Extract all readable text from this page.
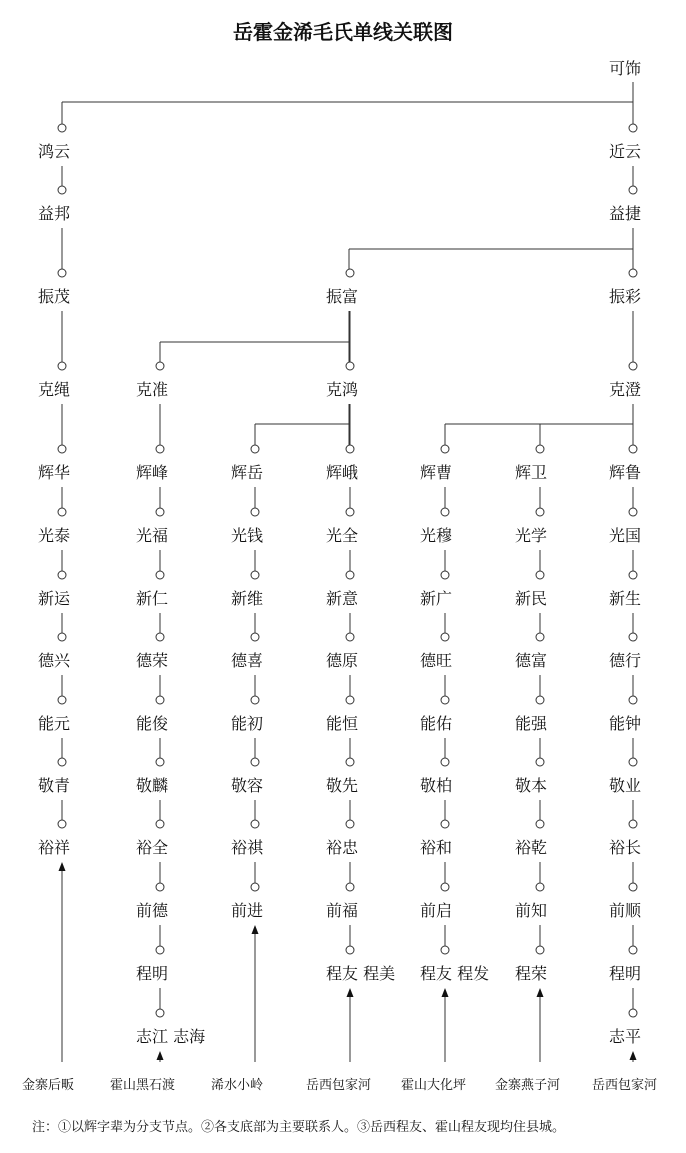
岳霍金浠毛氏单线关联图
可饰
鸿云
益邦
振茂
克绳
辉华
光泰
新运
德兴
能元
敬青
裕祥
金寨后畈
克准
辉峰
光福
新仁
德荣
能俊
敬麟
裕全
前德
程明
志江 志海
霍山黑石渡
辉岳
光钱
新维
德喜
能初
敬容
裕祺
前进
浠水小岭
振富
克鸿
辉峨
光全
新意
德原
能恒
敬先
裕忠
前福
程友 程美
岳西包家河
辉曹
光穆
新广
德旺
能佑
敬柏
裕和
前启
程友 程发
霍山大化坪
辉卫
光学
新民
德富
能强
敬本
裕乾
前知
程荣
金寨燕子河
近云
益捷
振彩
克澄
辉鲁
光国
新生
德行
能钟
敬业
裕长
前顺
程明
志平
岳西包家河
注：①以辉字辈为分支节点。②各支底部为主要联系人。③岳西程友、霍山程友现均住县城。
